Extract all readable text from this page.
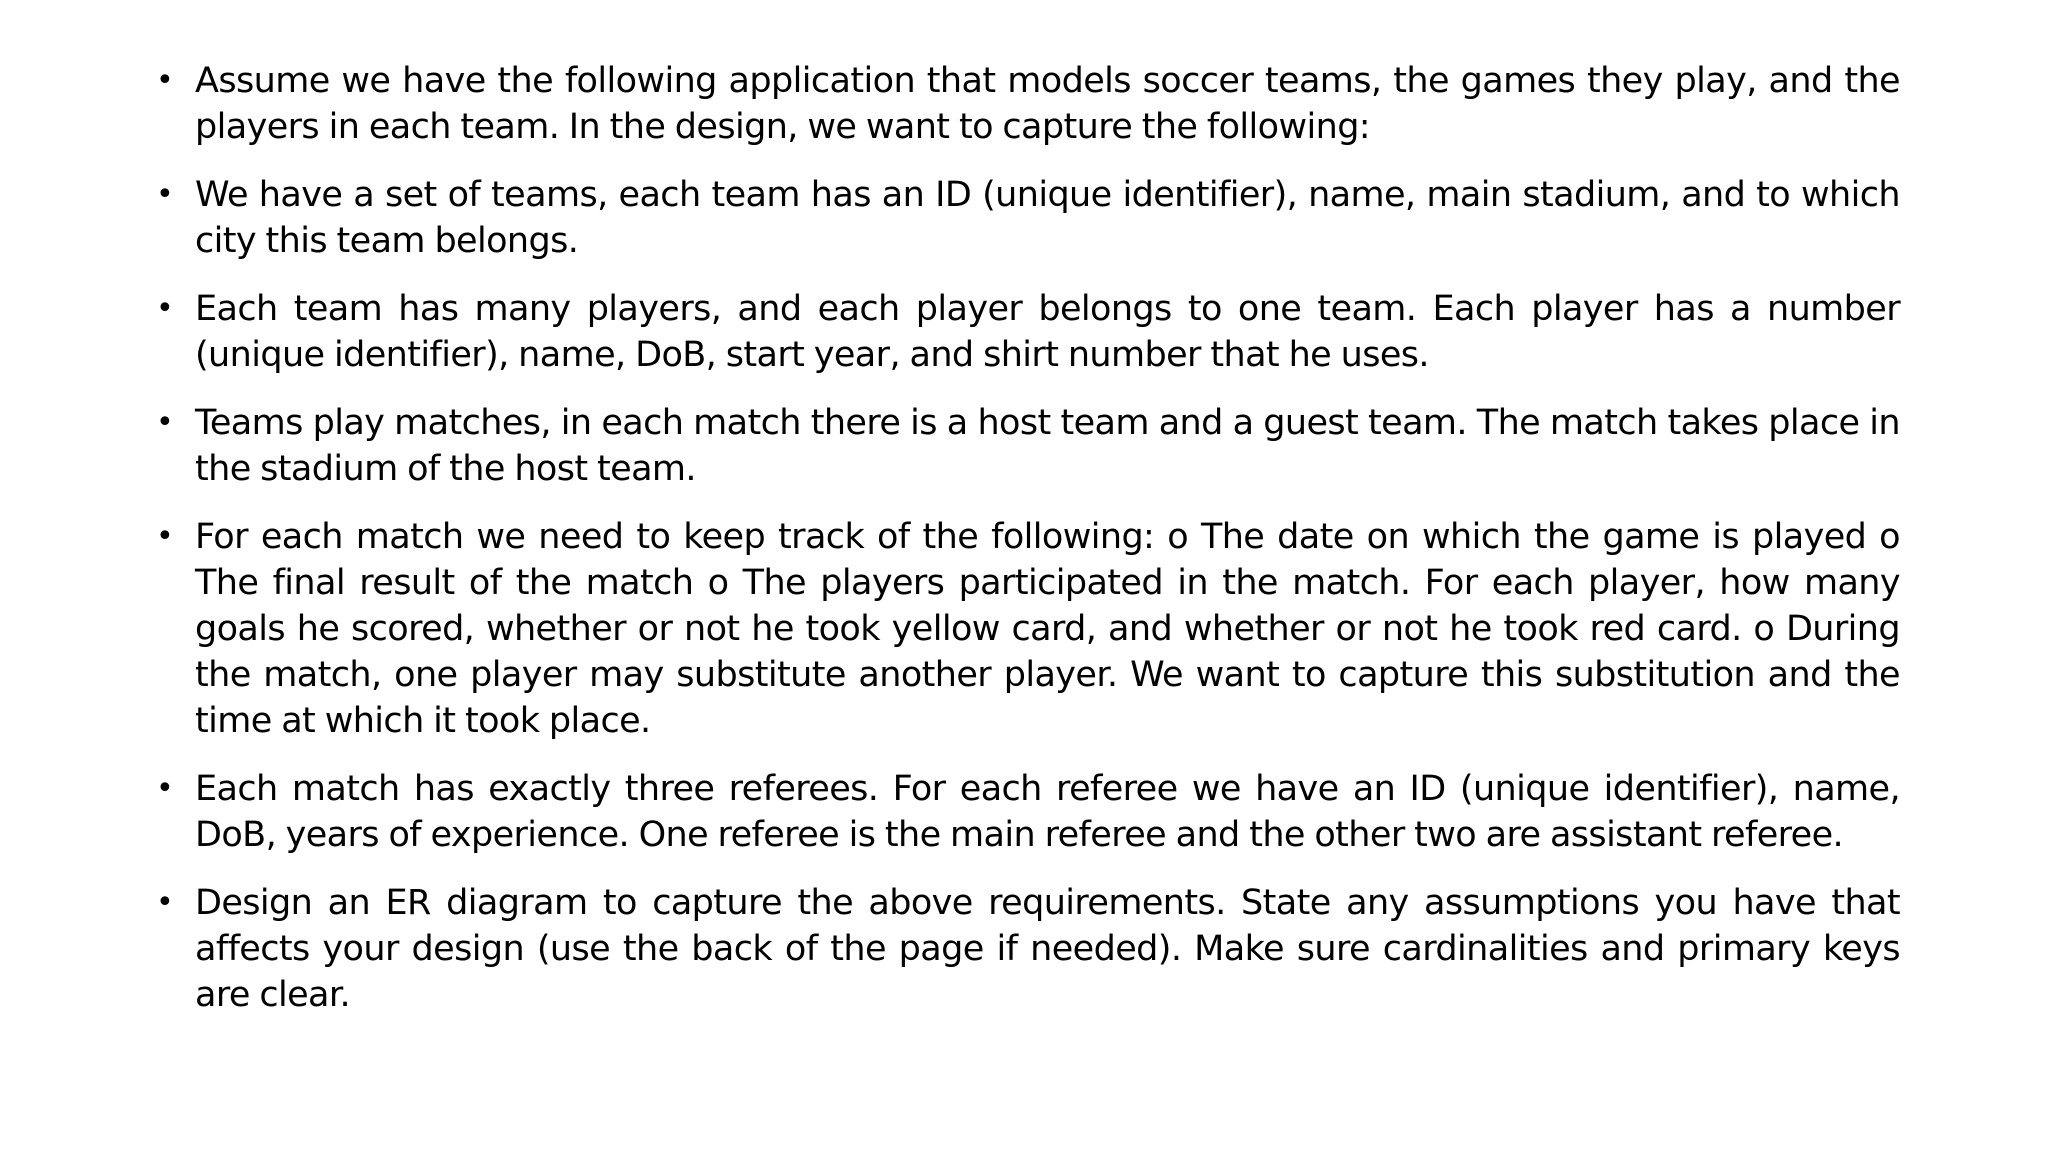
• Assume we have the following application that models soccer teams, the games they play, and the players in each team. In the design, we want to capture the following:
• We have a set of teams, each team has an ID (unique identifier), name, main stadium, and to which city this team belongs.
• Each team has many players, and each player belongs to one team. Each player has a number (unique identifier), name, DoB, start year, and shirt number that he uses.
• Teams play matches, in each match there is a host team and a guest team. The match takes place in the stadium of the host team.
• For each match we need to keep track of the following: o The date on which the game is played o The final result of the match o The players participated in the match. For each player, how many goals he scored, whether or not he took yellow card, and whether or not he took red card. o During the match, one player may substitute another player. We want to capture this substitution and the time at which it took place.
• Each match has exactly three referees. For each referee we have an ID (unique identifier), name, DoB, years of experience. One referee is the main referee and the other two are assistant referee.
• Design an ER diagram to capture the above requirements. State any assumptions you have that affects your design (use the back of the page if needed). Make sure cardinalities and primary keys are clear.
